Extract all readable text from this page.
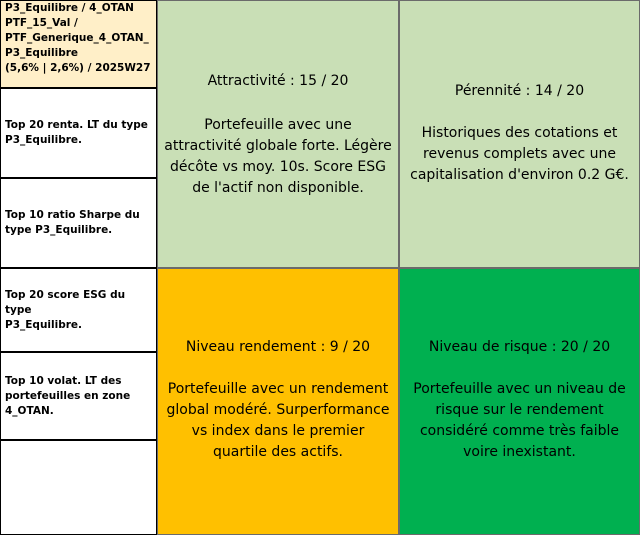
P3_Equilibre / 4_OTAN
PTF_15_Val /
PTF_Generique_4_OTAN_
P3_Equilibre
(5,6% | 2,6%) / 2025W27
Top 20 renta. LT du type
P3_Equilibre.
Top 10 ratio Sharpe du
type P3_Equilibre.
Top 20 score ESG du type
P3_Equilibre.
Top 10 volat. LT des
portefeuilles en zone
4_OTAN.
Attractivité : 15 / 20
Portefeuille avec une attractivité globale forte. Légère décôte vs moy. 10s. Score ESG de l'actif non disponible.
Pérennité : 14 / 20
Historiques des cotations et revenus complets avec une capitalisation d'environ 0.2 G€.
Niveau rendement : 9 / 20
Portefeuille avec un rendement global modéré. Surperformance vs index dans le premier quartile des actifs.
Niveau de risque : 20 / 20
Portefeuille avec un niveau de risque sur le rendement considéré comme très faible voire inexistant.
